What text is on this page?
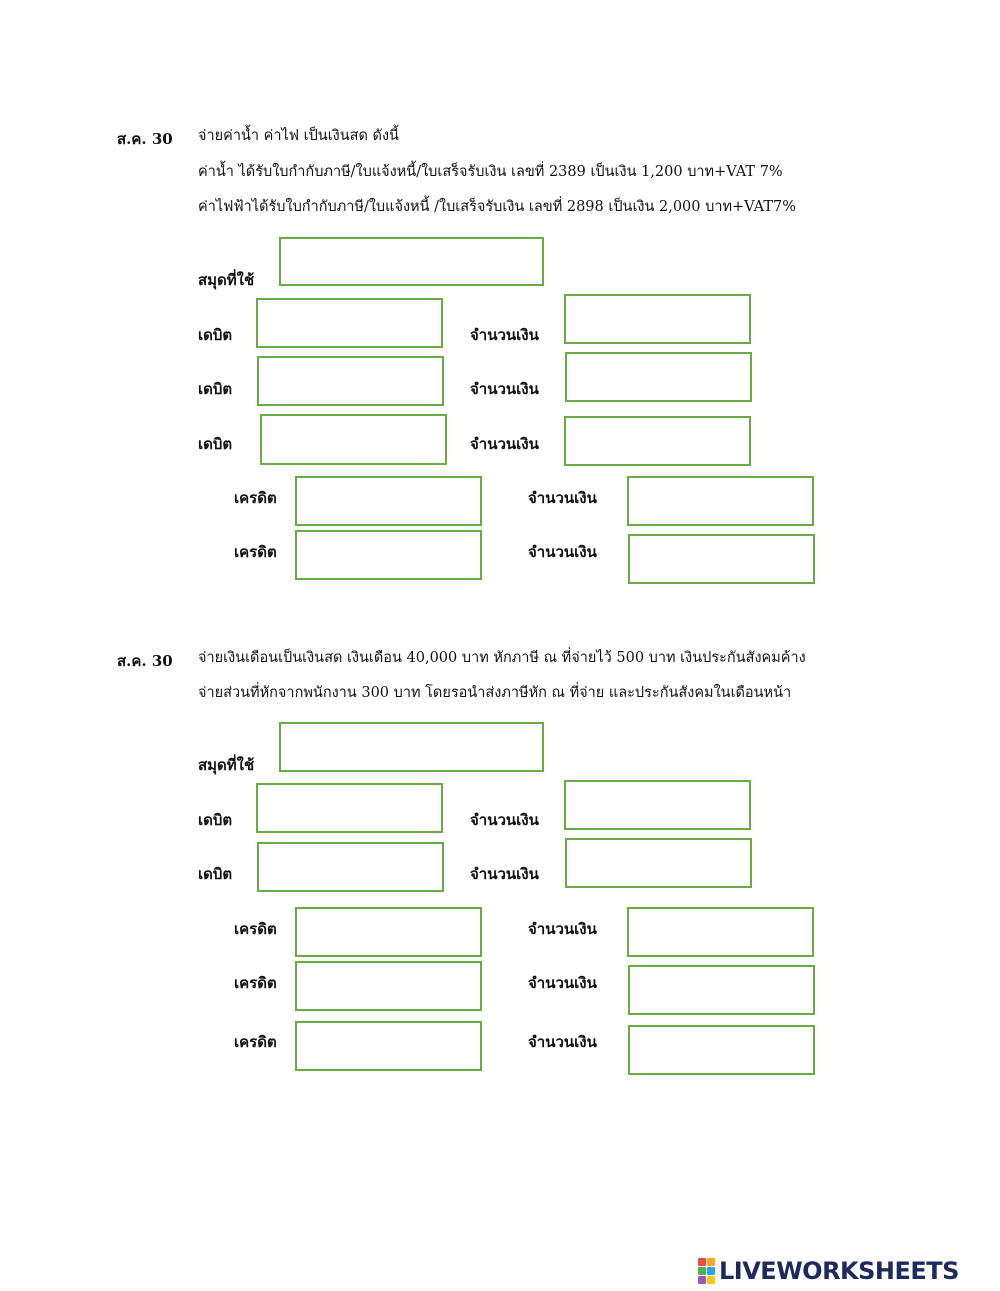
ส.ค. 30 จ่ายค่าน้ำ ค่าไฟ เป็นเงินสด ดังนี้
ค่าน้ำ ได้รับใบกำกับภาษี/ใบแจ้งหนี้/ใบเสร็จรับเงิน เลขที่ 2389 เป็นเงิน 1,200 บาท+VAT 7%
ค่าไฟฟ้าได้รับใบกำกับภาษี/ใบแจ้งหนี้ /ใบเสร็จรับเงิน เลขที่ 2898 เป็นเงิน 2,000 บาท+VAT7%
สมุดที่ใช้
เดบิต	จำนวนเงิน
เดบิต	จำนวนเงิน
เดบิต	จำนวนเงิน
เครดิต	จำนวนเงิน
เครดิต	จำนวนเงิน
ส.ค. 30 จ่ายเงินเดือนเป็นเงินสด เงินเดือน 40,000 บาท หักภาษี ณ ที่จ่ายไว้ 500 บาท เงินประกันสังคมค้าง
จ่ายส่วนที่หักจากพนักงาน 300 บาท โดยรอนำส่งภาษีหัก ณ ที่จ่าย และประกันสังคมในเดือนหน้า
สมุดที่ใช้
เดบิต	จำนวนเงิน
เดบิต	จำนวนเงิน
เครดิต	จำนวนเงิน
เครดิต	จำนวนเงิน
เครดิต	จำนวนเงิน
LIVEWORKSHEETS
